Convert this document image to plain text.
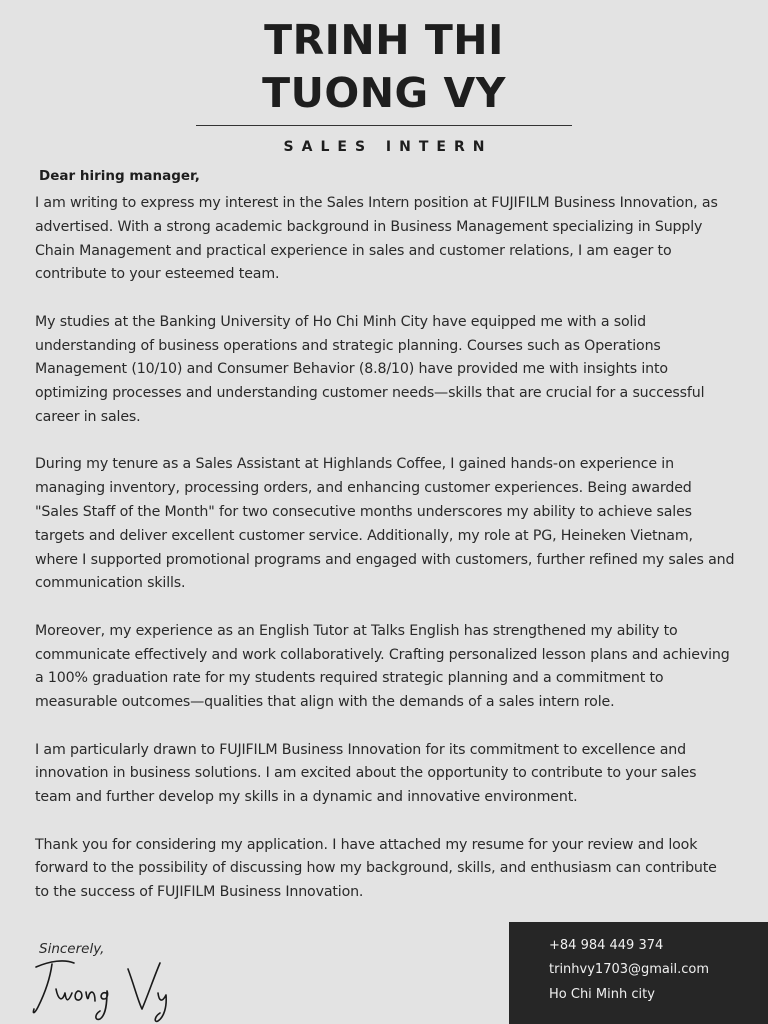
TRINH THI
TUONG VY
SALES INTERN
Dear hiring manager,

I am writing to express my interest in the Sales Intern position at FUJIFILM Business Innovation, as advertised. With a strong academic background in Business Management specializing in Supply Chain Management and practical experience in sales and customer relations, I am eager to contribute to your esteemed team.

My studies at the Banking University of Ho Chi Minh City have equipped me with a solid understanding of business operations and strategic planning. Courses such as Operations Management (10/10) and Consumer Behavior (8.8/10) have provided me with insights into optimizing processes and understanding customer needs—skills that are crucial for a successful career in sales.

During my tenure as a Sales Assistant at Highlands Coffee, I gained hands-on experience in managing inventory, processing orders, and enhancing customer experiences. Being awarded "Sales Staff of the Month" for two consecutive months underscores my ability to achieve sales targets and deliver excellent customer service. Additionally, my role at PG, Heineken Vietnam, where I supported promotional programs and engaged with customers, further refined my sales and communication skills.

Moreover, my experience as an English Tutor at Talks English has strengthened my ability to communicate effectively and work collaboratively. Crafting personalized lesson plans and achieving a 100% graduation rate for my students required strategic planning and a commitment to measurable outcomes—qualities that align with the demands of a sales intern role.

I am particularly drawn to FUJIFILM Business Innovation for its commitment to excellence and innovation in business solutions. I am excited about the opportunity to contribute to your sales team and further develop my skills in a dynamic and innovative environment.

Thank you for considering my application. I have attached my resume for your review and look forward to the possibility of discussing how my background, skills, and enthusiasm can contribute to the success of FUJIFILM Business Innovation.

Sincerely,	+84 984 449 374
trinhvy1703@gmail.com
Ho Chi Minh city
